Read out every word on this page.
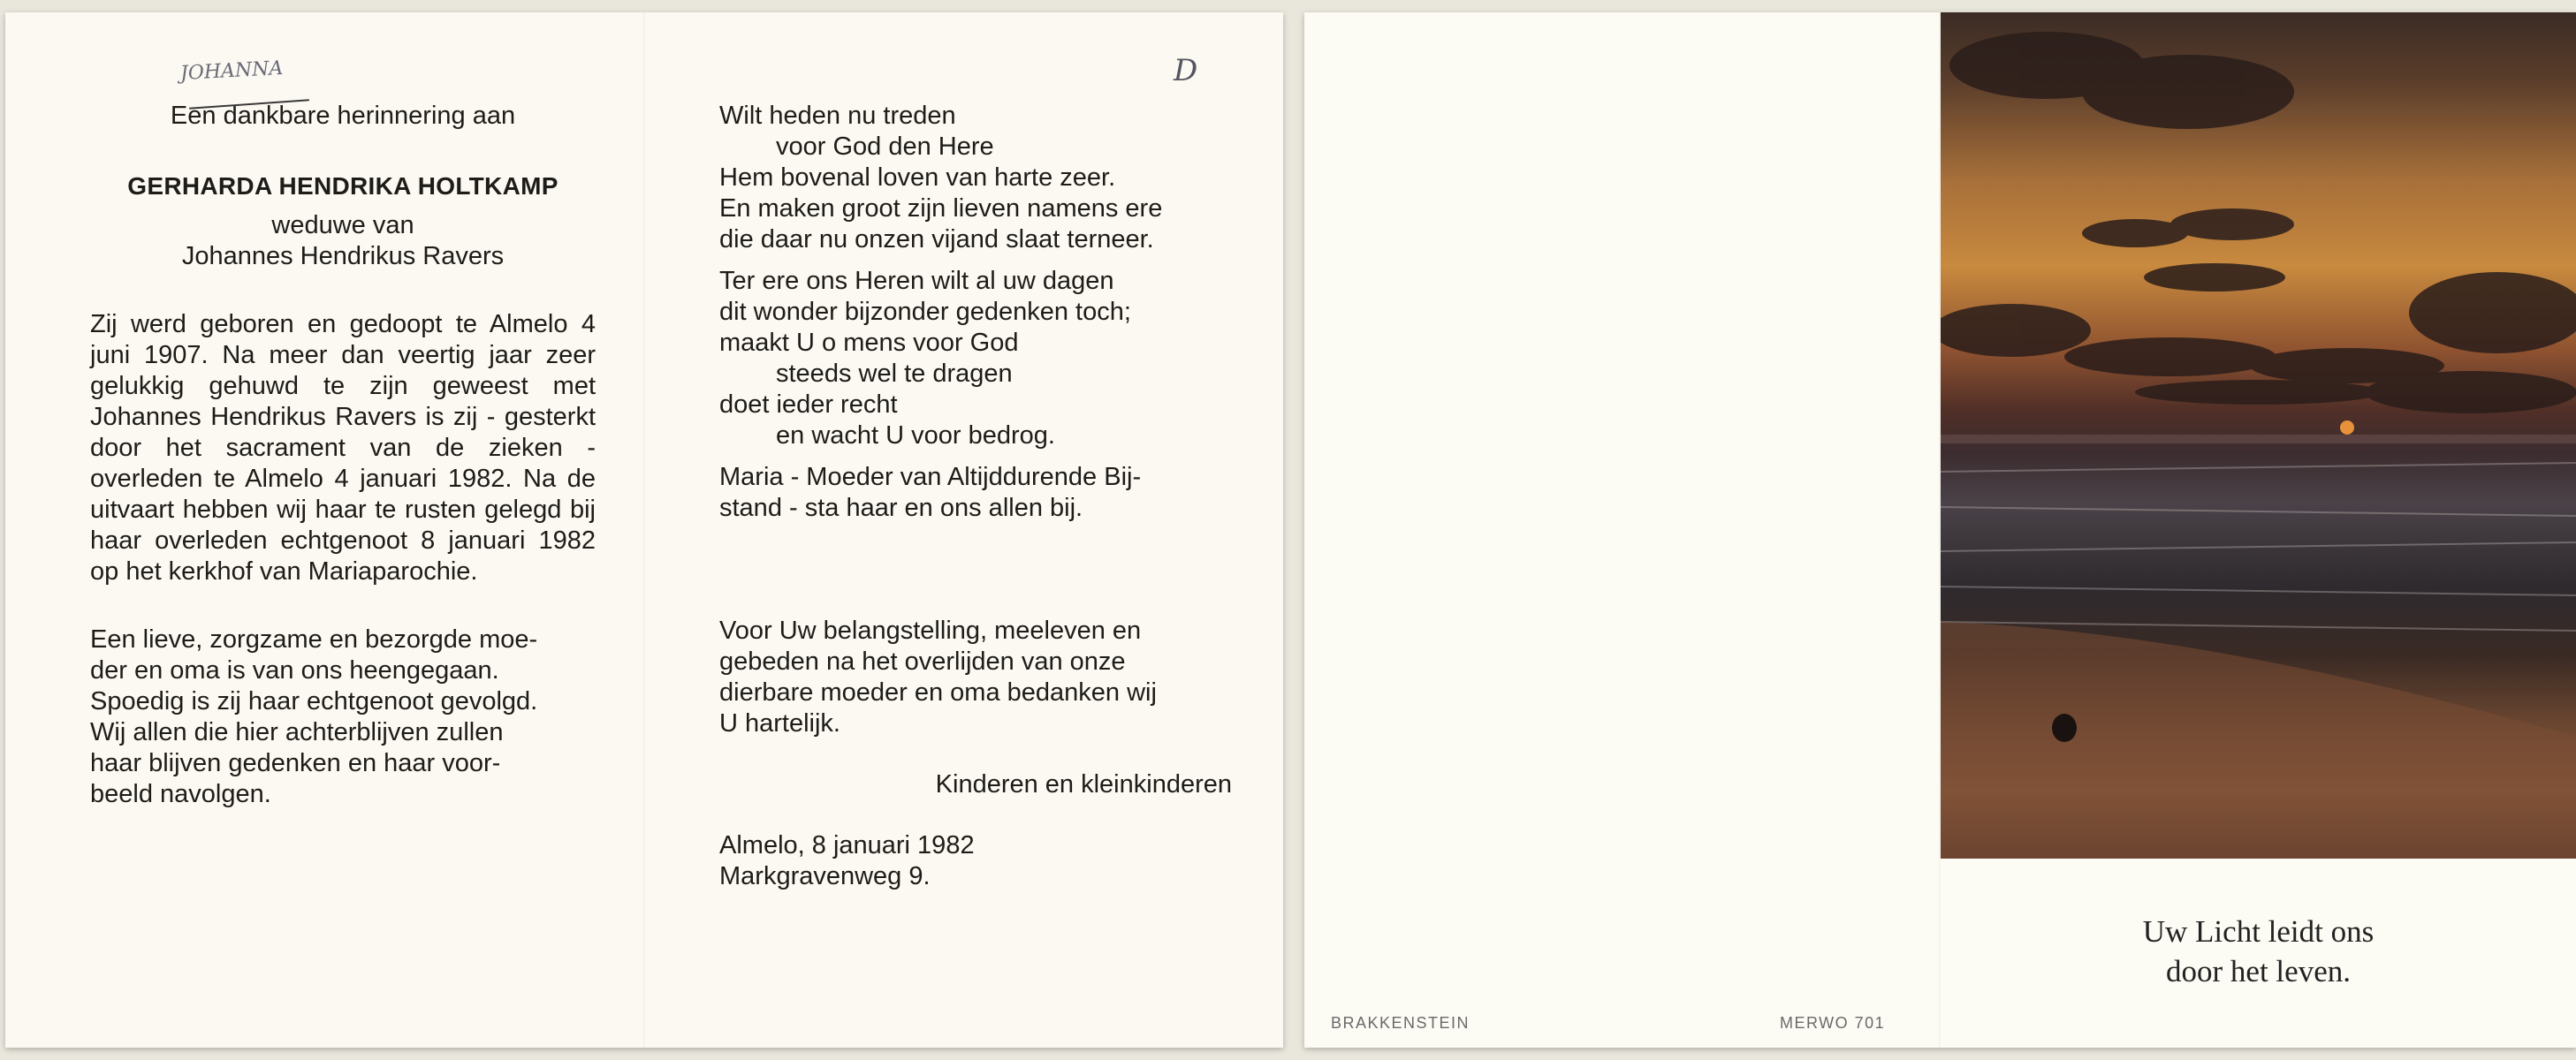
JOHANNA	D

Een dankbare herinnering aan

GERHARDA HENDRIKA HOLTKAMP

weduwe van

Johannes Hendrikus Ravers

Zij werd geboren en gedoopt te Almelo 4 juni 1907. Na meer dan veertig jaar zeer gelukkig gehuwd te zijn geweest met Johannes Hendrikus Ravers is zij - gesterkt door het sacrament van de zieken - overleden te Almelo 4 januari 1982. Na de uitvaart hebben wij haar te rusten gelegd bij haar overleden echtgenoot 8 januari 1982 op het kerkhof van Mariaparochie.

Een lieve, zorgzame en bezorgde moe-

der en oma is van ons heengegaan.

Spoedig is zij haar echtgenoot gevolgd.

Wij allen die hier achterblijven zullen

haar blijven gedenken en haar voor-

beeld navolgen.

Wilt heden nu treden

voor God den Here

Hem bovenal loven van harte zeer.

En maken groot zijn lieven namens ere

die daar nu onzen vijand slaat terneer.

Ter ere ons Heren wilt al uw dagen

dit wonder bijzonder gedenken toch;

maakt U o mens voor God

steeds wel te dragen

doet ieder recht

en wacht U voor bedrog.

Maria - Moeder van Altijddurende Bij-

stand - sta haar en ons allen bij.

Voor Uw belangstelling, meeleven en

gebeden na het overlijden van onze

dierbare moeder en oma bedanken wij

U hartelijk.

Kinderen en kleinkinderen

Almelo, 8 januari 1982

Markgravenweg 9.

Uw Licht leidt ons

door het leven.

BRAKKENSTEIN	MERWO 701
